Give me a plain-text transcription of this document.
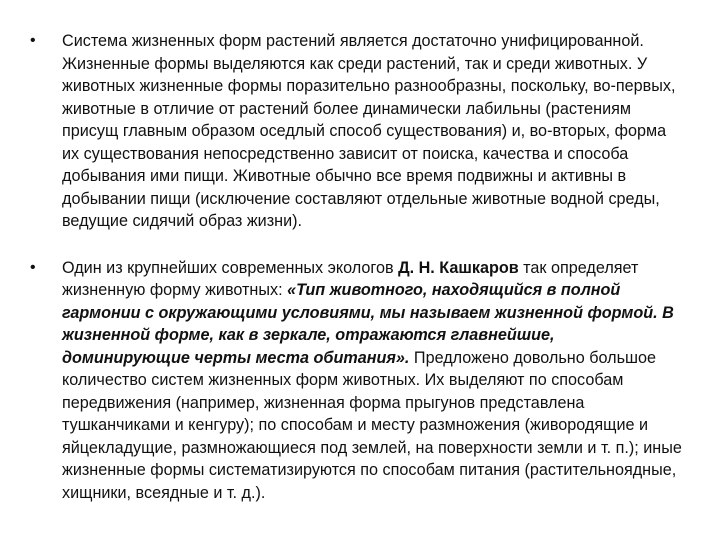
•	Система жизненных форм растений является достаточно унифицированной. Жизненные формы выделяются как среди растений, так и среди животных. У животных жизненные формы поразительно разнообразны, поскольку, во-первых, животные в отличие от растений более динамически лабильны (растениям присущ главным образом оседлый способ существования) и, во-вторых, форма их существования непосредственно зависит от поиска, качества и способа добывания ими пищи. Животные обычно все время подвижны и активны в добывании пищи (исключение составляют отдельные животные водной среды, ведущие сидячий образ жизни).
•	Один из крупнейших современных экологов Д. Н. Кашкаров так определяет жизненную форму животных: «Тип животного, находящийся в полной гармонии с окружающими условиями, мы называем жизненной формой. В жизненной форме, как в зеркале, отражаются главнейшие, доминирующие черты места обитания». Предложено довольно большое количество систем жизненных форм животных. Их выделяют по способам передвижения (например, жизненная форма прыгунов представлена тушканчиками и кенгуру); по способам и месту размножения (живородящие и яйцекладущие, размножающиеся под землей, на поверхности земли и т. п.); иные жизненные формы систематизируются по способам питания (растительноядные, хищники, всеядные и т. д.).
